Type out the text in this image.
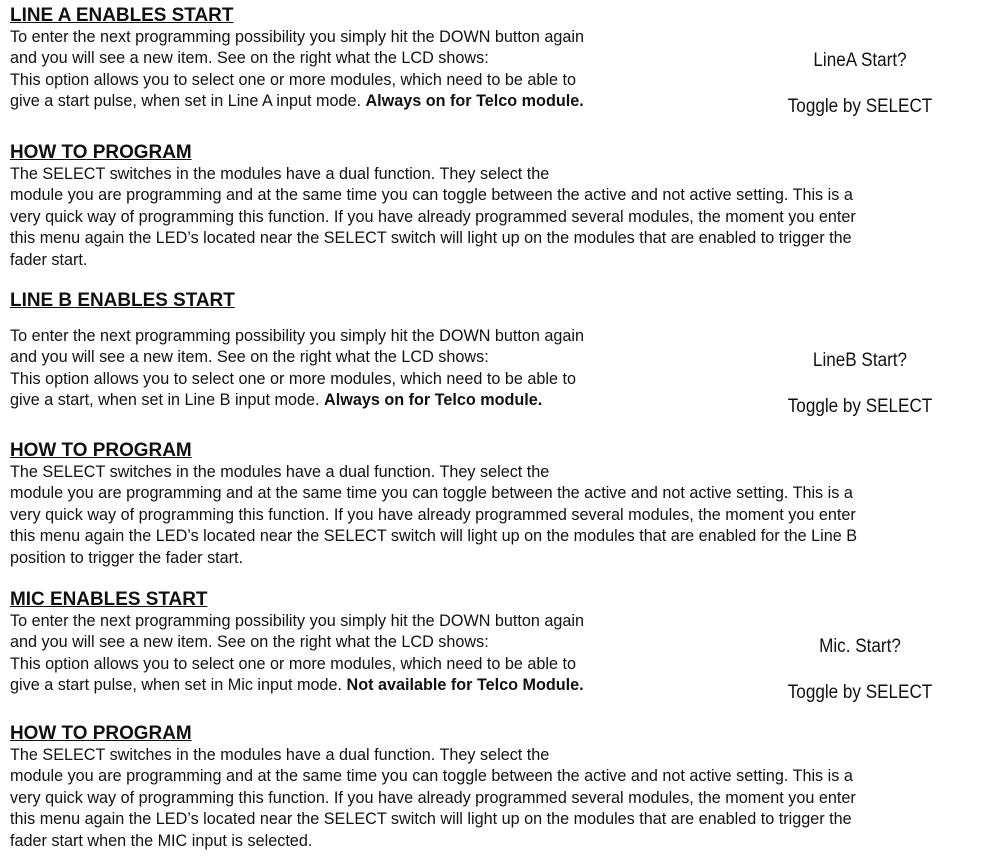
LINE A ENABLES START

To enter the next programming possibility you simply hit the DOWN button again
and you will see a new item. See on the right what the LCD shows:
This option allows you to select one or more modules, which need to be able to
give a start pulse, when set in Line A input mode. Always on for Telco module.

LineA Start?
Toggle by SELECT
HOW TO PROGRAM

The SELECT switches in the modules have a dual function. They select the
module you are programming and at the same time you can toggle between the active and not active setting. This is a
very quick way of programming this function. If you have already programmed several modules, the moment you enter
this menu again the LED’s located near the SELECT switch will light up on the modules that are enabled to trigger the
fader start.

LINE B ENABLES START

To enter the next programming possibility you simply hit the DOWN button again
and you will see a new item. See on the right what the LCD shows:
This option allows you to select one or more modules, which need to be able to
give a start, when set in Line B input mode. Always on for Telco module.

LineB Start?
Toggle by SELECT
HOW TO PROGRAM

The SELECT switches in the modules have a dual function. They select the
module you are programming and at the same time you can toggle between the active and not active setting. This is a
very quick way of programming this function. If you have already programmed several modules, the moment you enter
this menu again the LED’s located near the SELECT switch will light up on the modules that are enabled for the Line B
position to trigger the fader start.

MIC ENABLES START

To enter the next programming possibility you simply hit the DOWN button again
and you will see a new item. See on the right what the LCD shows:
This option allows you to select one or more modules, which need to be able to
give a start pulse, when set in Mic input mode. Not available for Telco Module.

Mic. Start?
Toggle by SELECT
HOW TO PROGRAM

The SELECT switches in the modules have a dual function. They select the
module you are programming and at the same time you can toggle between the active and not active setting. This is a
very quick way of programming this function. If you have already programmed several modules, the moment you enter
this menu again the LED’s located near the SELECT switch will light up on the modules that are enabled to trigger the
fader start when the MIC input is selected.
